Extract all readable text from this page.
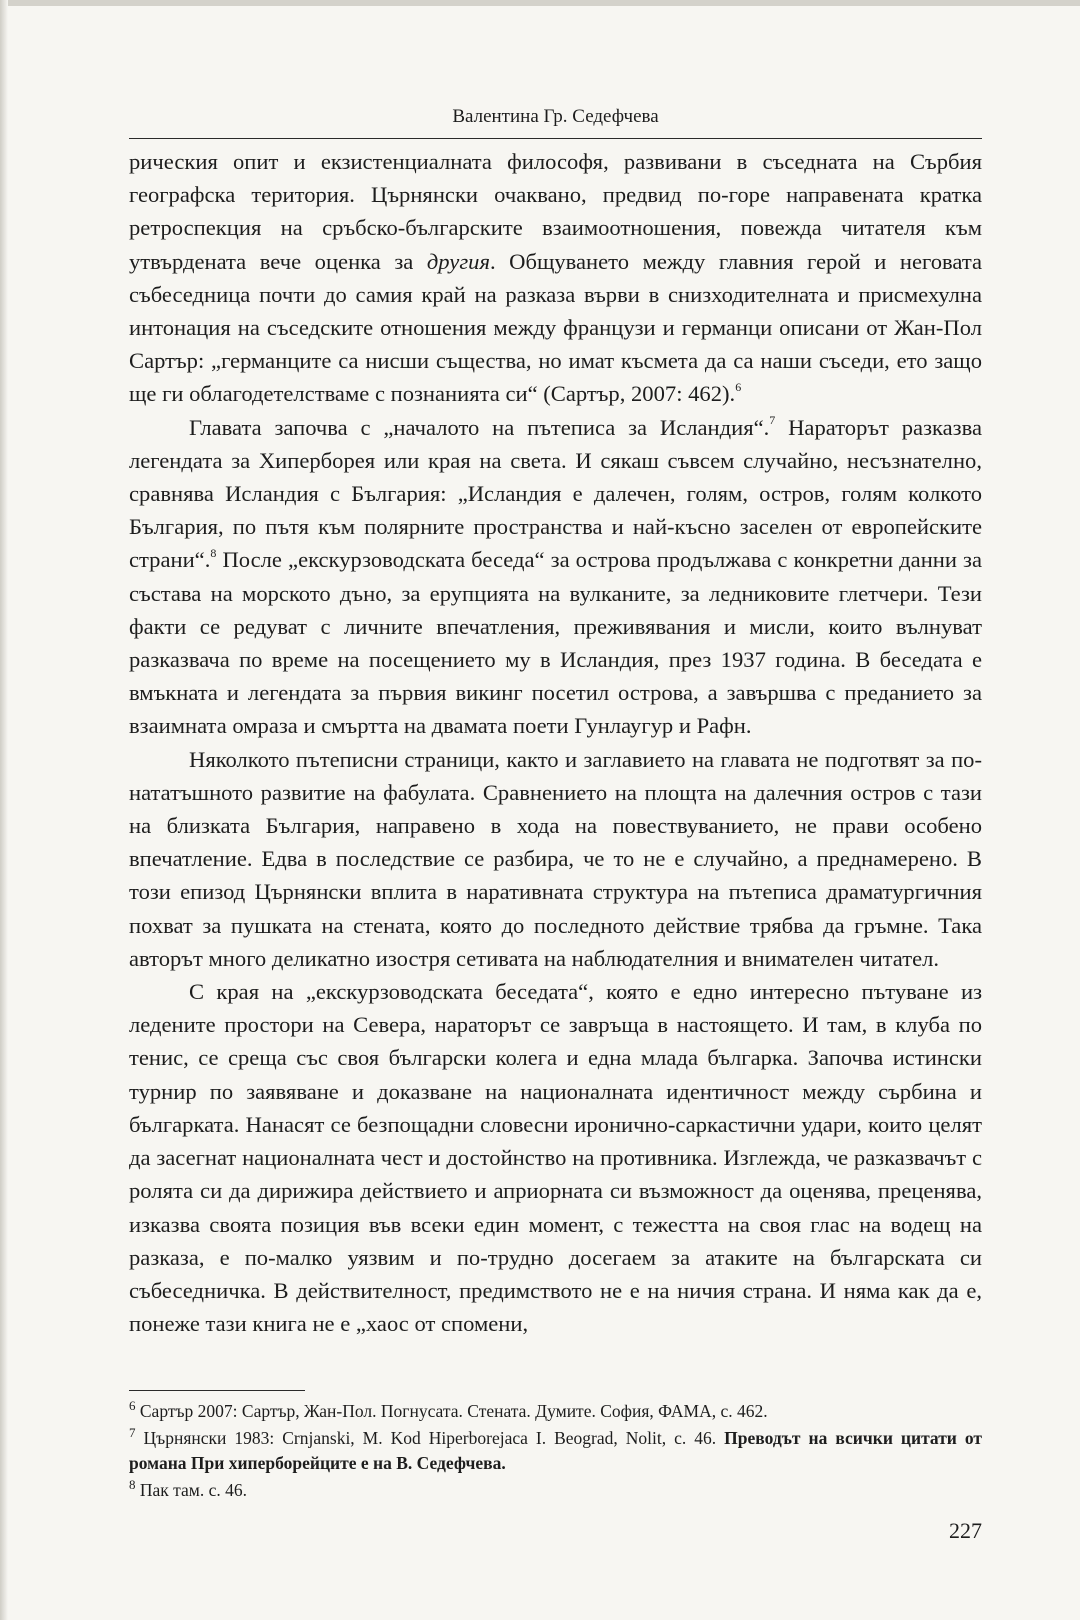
Валентина Гр. Седефчева

рическия опит и екзистенциалната философя, развивани в съседната на Сърбия географска територия. Църнянски очаквано, предвид по-горе направената кратка ретроспекция на сръбско-българските взаимоотношения, повежда читателя към утвърдената вече оценка за другия. Общуването между главния герой и неговата събеседница почти до самия край на разказа върви в снизходителната и присмехулна интонация на съседските отношения между французи и германци описани от Жан-Пол Сартър: „германците са нисши същества, но имат късмета да са наши съседи, ето защо ще ги облагодетелстваме с познанията си“ (Сартър, 2007: 462).$^6$

Главата започва с „началото на пътеписа за Исландия“.$^7$ Нараторът разказва легендата за Хиперборея или края на света. И сякаш съвсем случайно, несъзнателно, сравнява Исландия с България: „Исландия е далечен, голям, остров, голям колкото България, по пътя към полярните пространства и най-късно заселен от европейските страни“.$^8$ После „екскурзоводската беседа“ за острова продължава с конкретни данни за състава на морското дъно, за ерупцията на вулканите, за ледниковите глетчери. Тези факти се редуват с личните впечатления, преживявания и мисли, които вълнуват разказвача по време на посещението му в Исландия, през 1937 година. В беседата е вмъкната и легендата за първия викинг посетил острова, а завършва с преданието за взаимната омраза и смъртта на двамата поети Гунлаугур и Рафн.

Няколкото пътеписни страници, както и заглавието на главата не подготвят за по-нататъшното развитие на фабулата. Сравнението на площта на далечния остров с тази на близката България, направено в хода на повествуванието, не прави особено впечатление. Едва в последствие се разбира, че то не е случайно, а преднамерено. В този епизод Църнянски вплита в наративната структура на пътеписа драматургичния похват за пушката на стената, която до последното действие трябва да гръмне. Така авторът много деликатно изостря сетивата на наблюдателния и внимателен читател.

С края на „екскурзоводската беседата“, която е едно интересно пътуване из ледените простори на Севера, нараторът се завръща в настоящето. И там, в клуба по тенис, се среща със своя български колега и една млада българка. Започва истински турнир по заявяване и доказване на националната идентичност между сърбина и българката. Нанасят се безпощадни словесни иронично-саркастични удари, които целят да засегнат националната чест и достойнство на противника. Изглежда, че разказвачът с ролята си да дирижира действието и априорната си възможност да оценява, преценява, изказва своята позиция във всеки един момент, с тежестта на своя глас на водещ на разказа, е по-малко уязвим и по-трудно досегаем за атаките на българската си събеседничка. В действителност, предимството не е на ничия страна. И няма как да е, понеже тази книга не е „хаос от спомени,

$^6$ Сартър 2007: Сартър, Жан-Пол. Погнусата. Стената. Думите. София, ФАМА, с. 462.

$^7$ Църнянски 1983: Crnjanski, M. Kod Hiperborejaca I. Beograd, Nolit, с. 46. Преводът на всички цитати от романа При хиперборейците е на В. Седефчева.

$^8$ Пак там. с. 46.

227
